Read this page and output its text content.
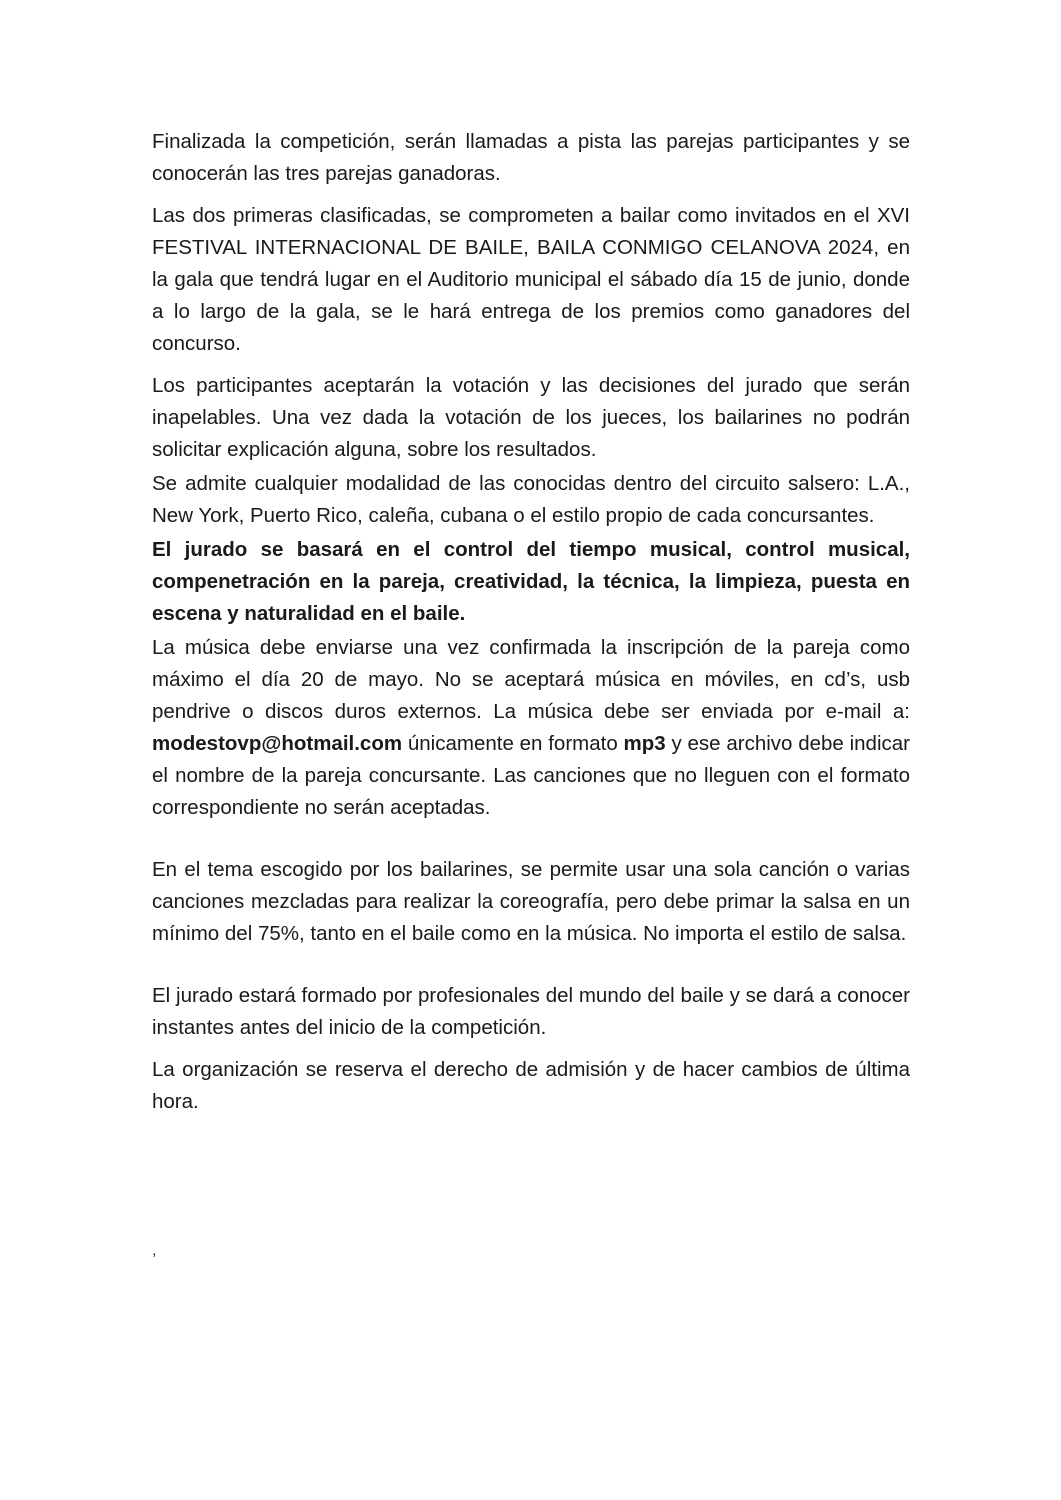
Finalizada la competición, serán llamadas a pista las parejas participantes y se conocerán las tres parejas ganadoras.

Las dos primeras clasificadas, se comprometen a bailar como invitados en el XVI FESTIVAL INTERNACIONAL DE BAILE, BAILA CONMIGO CELANOVA 2024, en la gala que tendrá lugar en el Auditorio municipal el sábado día 15 de junio, donde a lo largo de la gala, se le hará entrega de los premios como ganadores del concurso.

Los participantes aceptarán la votación y las decisiones del jurado que serán inapelables. Una vez dada la votación de los jueces, los bailarines no podrán solicitar explicación alguna, sobre los resultados.

Se admite cualquier modalidad de las conocidas dentro del circuito salsero: L.A., New York, Puerto Rico, caleña, cubana o el estilo propio de cada concursantes.

El jurado se basará en el control del tiempo musical, control musical, compenetración en la pareja, creatividad, la técnica, la limpieza, puesta en escena y naturalidad en el baile.

La música debe enviarse una vez confirmada la inscripción de la pareja como máximo el día 20 de mayo. No se aceptará música en móviles, en cd’s, usb pendrive o discos duros externos. La música debe ser enviada por e-mail a: modestovp@hotmail.com únicamente en formato mp3 y ese archivo debe indicar el nombre de la pareja concursante. Las canciones que no lleguen con el formato correspondiente no serán aceptadas.

En el tema escogido por los bailarines, se permite usar una sola canción o varias canciones mezcladas para realizar la coreografía, pero debe primar la salsa en un mínimo del 75%, tanto en el baile como en la música. No importa el estilo de salsa.

El jurado estará formado por profesionales del mundo del baile y se dará a conocer instantes antes del inicio de la competición.

La organización se reserva el derecho de admisión y de hacer cambios de última hora.

,
